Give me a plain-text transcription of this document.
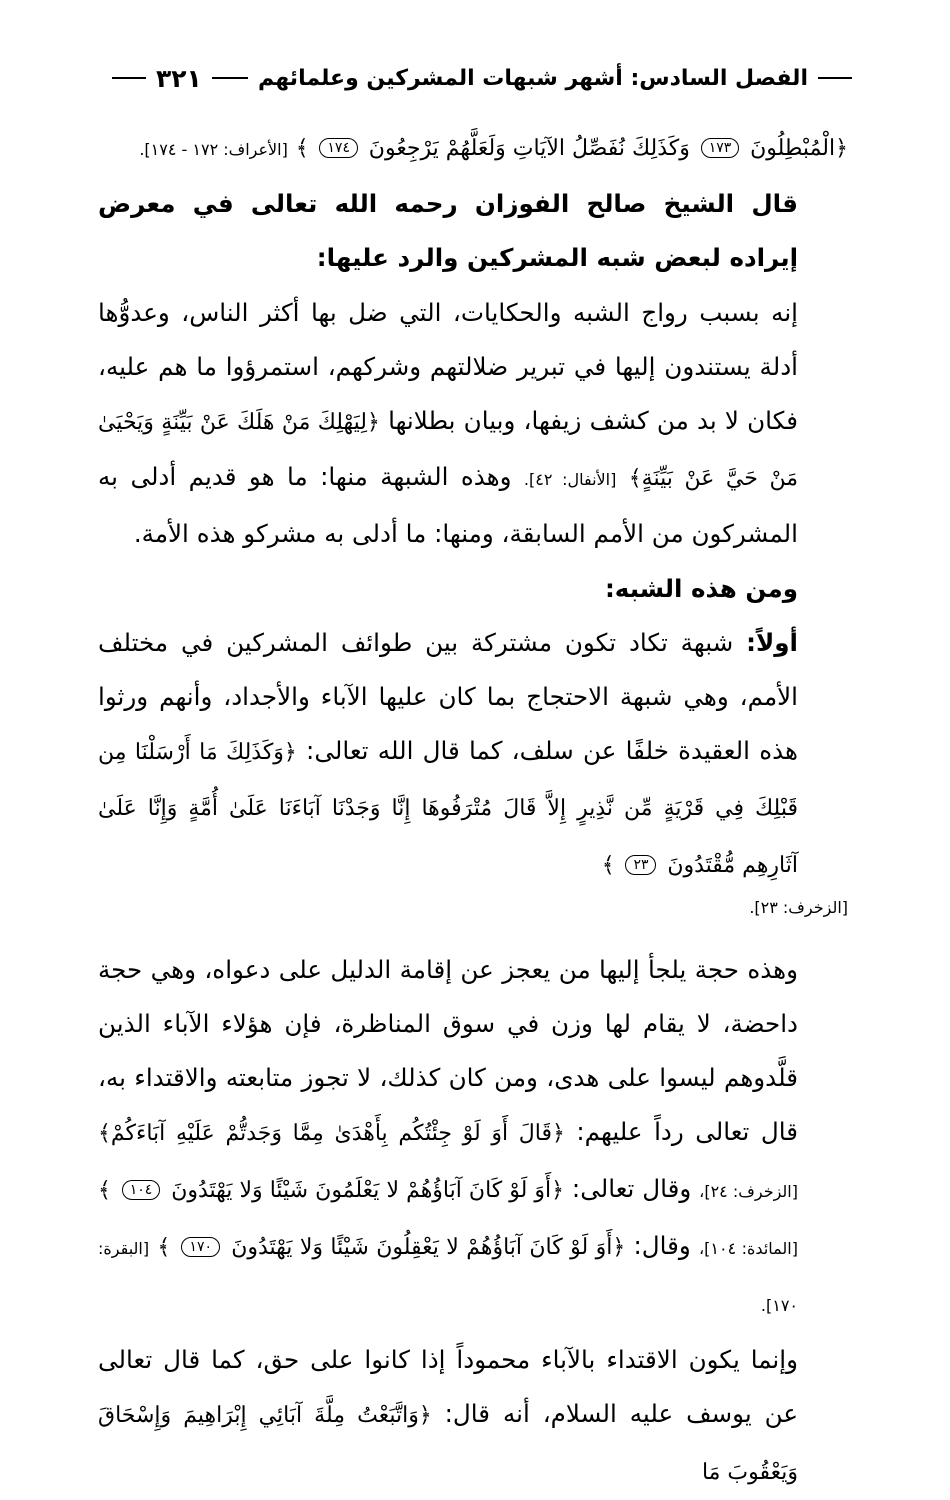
الفصل السادس: أشهر شبهات المشركين وعلمائهم
٣٢١

﴿الْمُبْطِلُونَ ١٧٣ وَكَذَلِكَ نُفَصِّلُ الآيَاتِ وَلَعَلَّهُمْ يَرْجِعُونَ ١٧٤ ﴾ [الأعراف: ١٧٢ - ١٧٤].

قال الشيخ صالح الفوزان رحمه الله تعالى في معرض إيراده لبعض شبه المشركين والرد عليها:

إنه بسبب رواج الشبه والحكايات، التي ضل بها أكثر الناس، وعدوُّها أدلة يستندون إليها في تبرير ضلالتهم وشركهم، استمرؤوا ما هم عليه، فكان لا بد من كشف زيفها، وبيان بطلانها ﴿لِيَهْلِكَ مَنْ هَلَكَ عَنْ بَيِّنَةٍ وَيَحْيَىٰ مَنْ حَيَّ عَنْ بَيِّنَةٍ﴾ [الأنفال: ٤٢]. وهذه الشبهة منها: ما هو قديم أدلى به المشركون من الأمم السابقة، ومنها: ما أدلى به مشركو هذه الأمة.

ومن هذه الشبه:

أولاً: شبهة تكاد تكون مشتركة بين طوائف المشركين في مختلف الأمم، وهي شبهة الاحتجاج بما كان عليها الآباء والأجداد، وأنهم ورثوا هذه العقيدة خلفًا عن سلف، كما قال الله تعالى: ﴿وَكَذَلِكَ مَا أَرْسَلْنَا مِن قَبْلِكَ فِي قَرْيَةٍ مِّن نَّذِيرٍ إِلاَّ قَالَ مُتْرَفُوهَا إِنَّا وَجَدْنَا آبَاءَنَا عَلَىٰ أُمَّةٍ وَإِنَّا عَلَىٰ آثَارِهِم مُّقْتَدُونَ ٢٣ ﴾

[الزخرف: ٢٣].

وهذه حجة يلجأ إليها من يعجز عن إقامة الدليل على دعواه، وهي حجة داحضة، لا يقام لها وزن في سوق المناظرة، فإن هؤلاء الآباء الذين قلَّدوهم ليسوا على هدى، ومن كان كذلك، لا تجوز متابعته والاقتداء به، قال تعالى رداً عليهم: ﴿قَالَ أَوَ لَوْ جِئْتُكُم بِأَهْدَىٰ مِمَّا وَجَدتُّمْ عَلَيْهِ آبَاءَكُمْ﴾ [الزخرف: ٢٤]، وقال تعالى: ﴿أَوَ لَوْ كَانَ آبَاؤُهُمْ لا يَعْلَمُونَ شَيْئًا وَلا يَهْتَدُونَ ١٠٤ ﴾ [المائدة: ١٠٤]، وقال: ﴿أَوَ لَوْ كَانَ آبَاؤُهُمْ لا يَعْقِلُونَ شَيْئًا وَلا يَهْتَدُونَ ١٧٠ ﴾ [البقرة: ١٧٠].

وإنما يكون الاقتداء بالآباء محموداً إذا كانوا على حق، كما قال تعالى عن يوسف عليه السلام، أنه قال: ﴿وَاتَّبَعْتُ مِلَّةَ آبَائِي إِبْرَاهِيمَ وَإِسْحَاقَ وَيَعْقُوبَ مَا
